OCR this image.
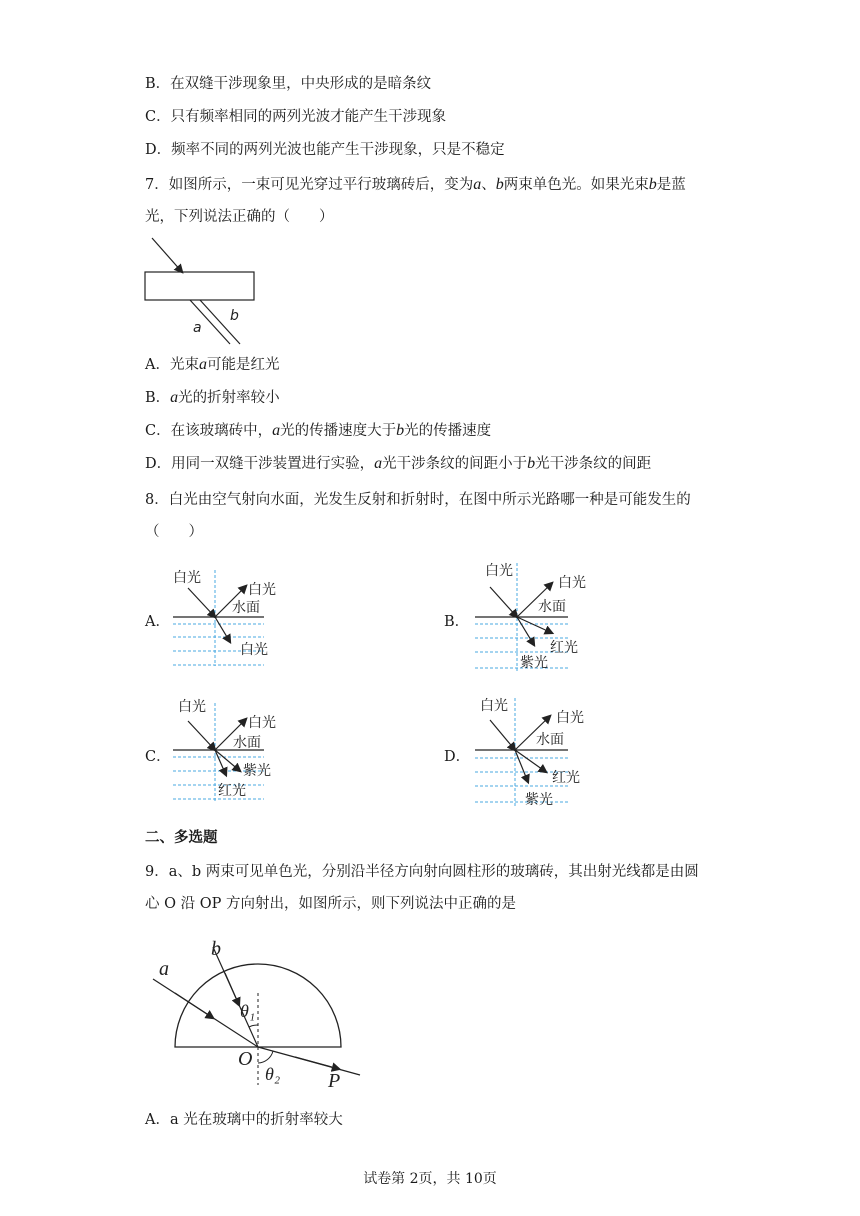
B．在双缝干涉现象里，中央形成的是暗条纹
C．只有频率相同的两列光波才能产生干涉现象
D．频率不同的两列光波也能产生干涉现象，只是不稳定
7．如图所示，一束可见光穿过平行玻璃砖后，变为a、b两束单色光。如果光束b是蓝
光，下列说法正确的（　　）
a
b
A．光束a可能是红光
B．a光的折射率较小
C．在该玻璃砖中，a光的传播速度大于b光的传播速度
D．用同一双缝干涉装置进行实验，a光干涉条纹的间距小于b光干涉条纹的间距
8．白光由空气射向水面，光发生反射和折射时，在图中所示光路哪一种是可能发生的
（　　）
A．
白光
白光
水面
白光
B．
白光
白光
水面
红光
紫光
C．
白光
白光
水面
紫光
红光
D．
白光
白光
水面
红光
紫光
二、多选题
9．a、b 两束可见单色光，分别沿半径方向射向圆柱形的玻璃砖，其出射光线都是由圆
心 O 沿 OP 方向射出，如图所示，则下列说法中正确的是
a
b
θ₁
O
θ₂ P
A．a 光在玻璃中的折射率较大
试卷第 2页，共 10页
